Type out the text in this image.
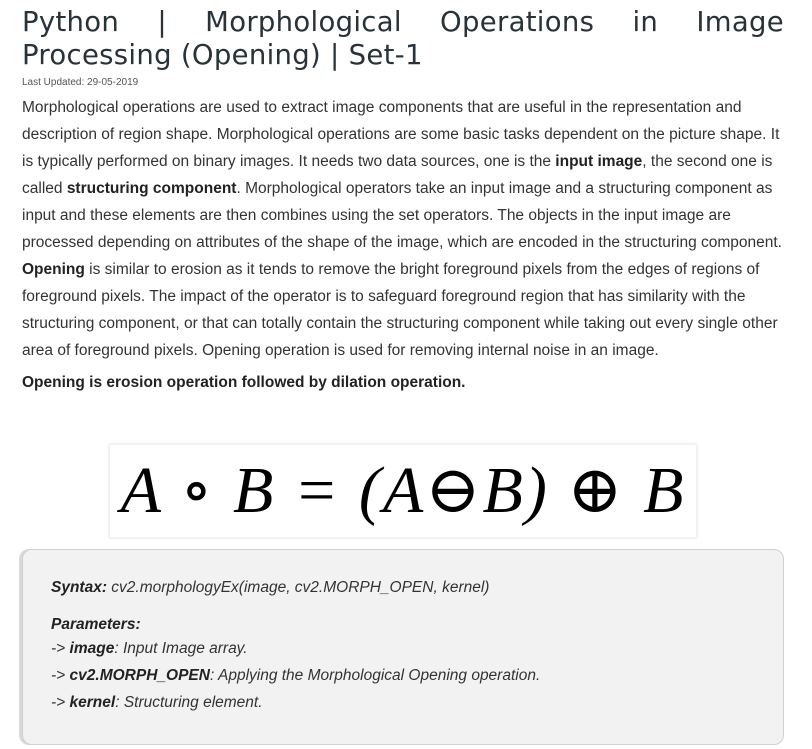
Python | Morphological Operations in Image Processing (Opening) | Set-1
Last Updated: 29-05-2019

Morphological operations are used to extract image components that are useful in the representation and description of region shape. Morphological operations are some basic tasks dependent on the picture shape. It is typically performed on binary images. It needs two data sources, one is the input image, the second one is called structuring component. Morphological operators take an input image and a structuring component as input and these elements are then combines using the set operators. The objects in the input image are processed depending on attributes of the shape of the image, which are encoded in the structuring component.

Opening is similar to erosion as it tends to remove the bright foreground pixels from the edges of regions of foreground pixels. The impact of the operator is to safeguard foreground region that has similarity with the structuring component, or that can totally contain the structuring component while taking out every single other area of foreground pixels. Opening operation is used for removing internal noise in an image.

Opening is erosion operation followed by dilation operation.

A ∘ B = (A⊖B) ⊕ B
Syntax: cv2.morphologyEx(image, cv2.MORPH_OPEN, kernel)
Parameters:
-> image: Input Image array.
-> cv2.MORPH_OPEN: Applying the Morphological Opening operation.
-> kernel: Structuring element.
